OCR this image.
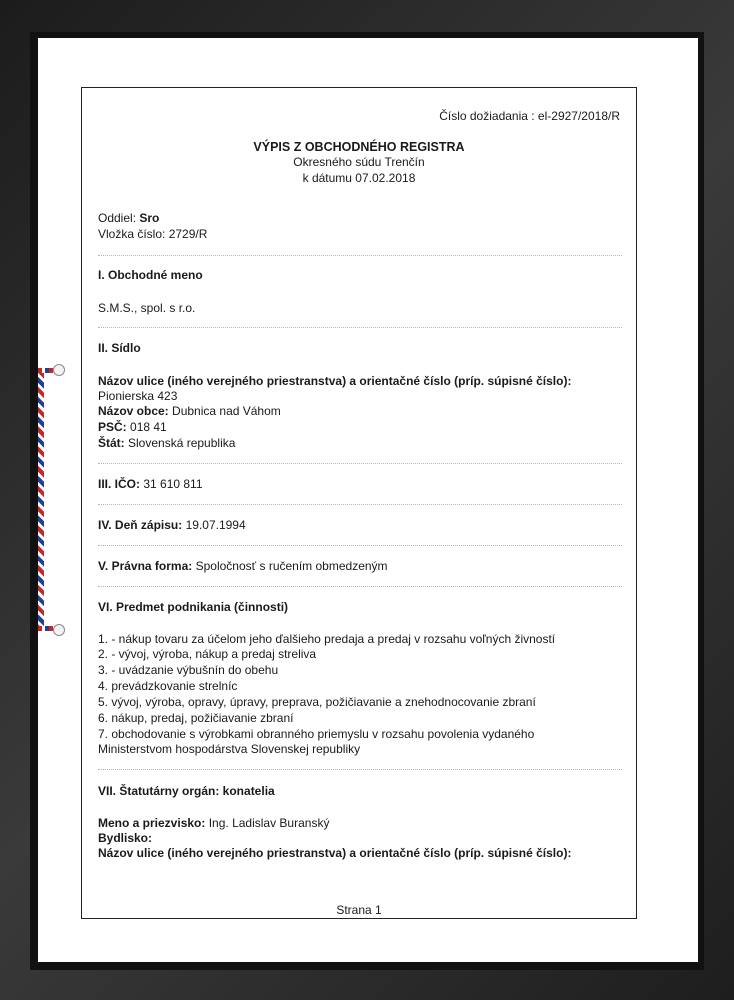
Číslo dožiadania : el-2927/2018/R
VÝPIS Z OBCHODNÉHO REGISTRA
Okresného súdu Trenčín
k dátumu 07.02.2018
Oddiel: Sro
Vložka číslo: 2729/R
I. Obchodné meno
S.M.S., spol. s r.o.
II. Sídlo
Názov ulice (iného verejného priestranstva) a orientačné číslo (príp. súpisné číslo):
Pionierska 423
Názov obce: Dubnica nad Váhom
PSČ: 018 41
Štát: Slovenská republika
III. IČO: 31 610 811
IV. Deň zápisu: 19.07.1994
V. Právna forma: Spoločnosť s ručením obmedzeným
VI. Predmet podnikania (činnosti)
1. - nákup tovaru za účelom jeho ďalšieho predaja a predaj v rozsahu voľných živností
2. - vývoj, výroba, nákup a predaj streliva
3. - uvádzanie výbušnín do obehu
4. prevádzkovanie strelníc
5. vývoj, výroba, opravy, úpravy, preprava, požičiavanie a znehodnocovanie zbraní
6. nákup, predaj, požičiavanie zbraní
7. obchodovanie s výrobkami obranného priemyslu v rozsahu povolenia vydaného
Ministerstvom hospodárstva Slovenskej republiky
VII. Štatutárny orgán: konatelia
Meno a priezvisko: Ing. Ladislav Buranský
Bydlisko:
Názov ulice (iného verejného priestranstva) a orientačné číslo (príp. súpisné číslo):
Strana 1
